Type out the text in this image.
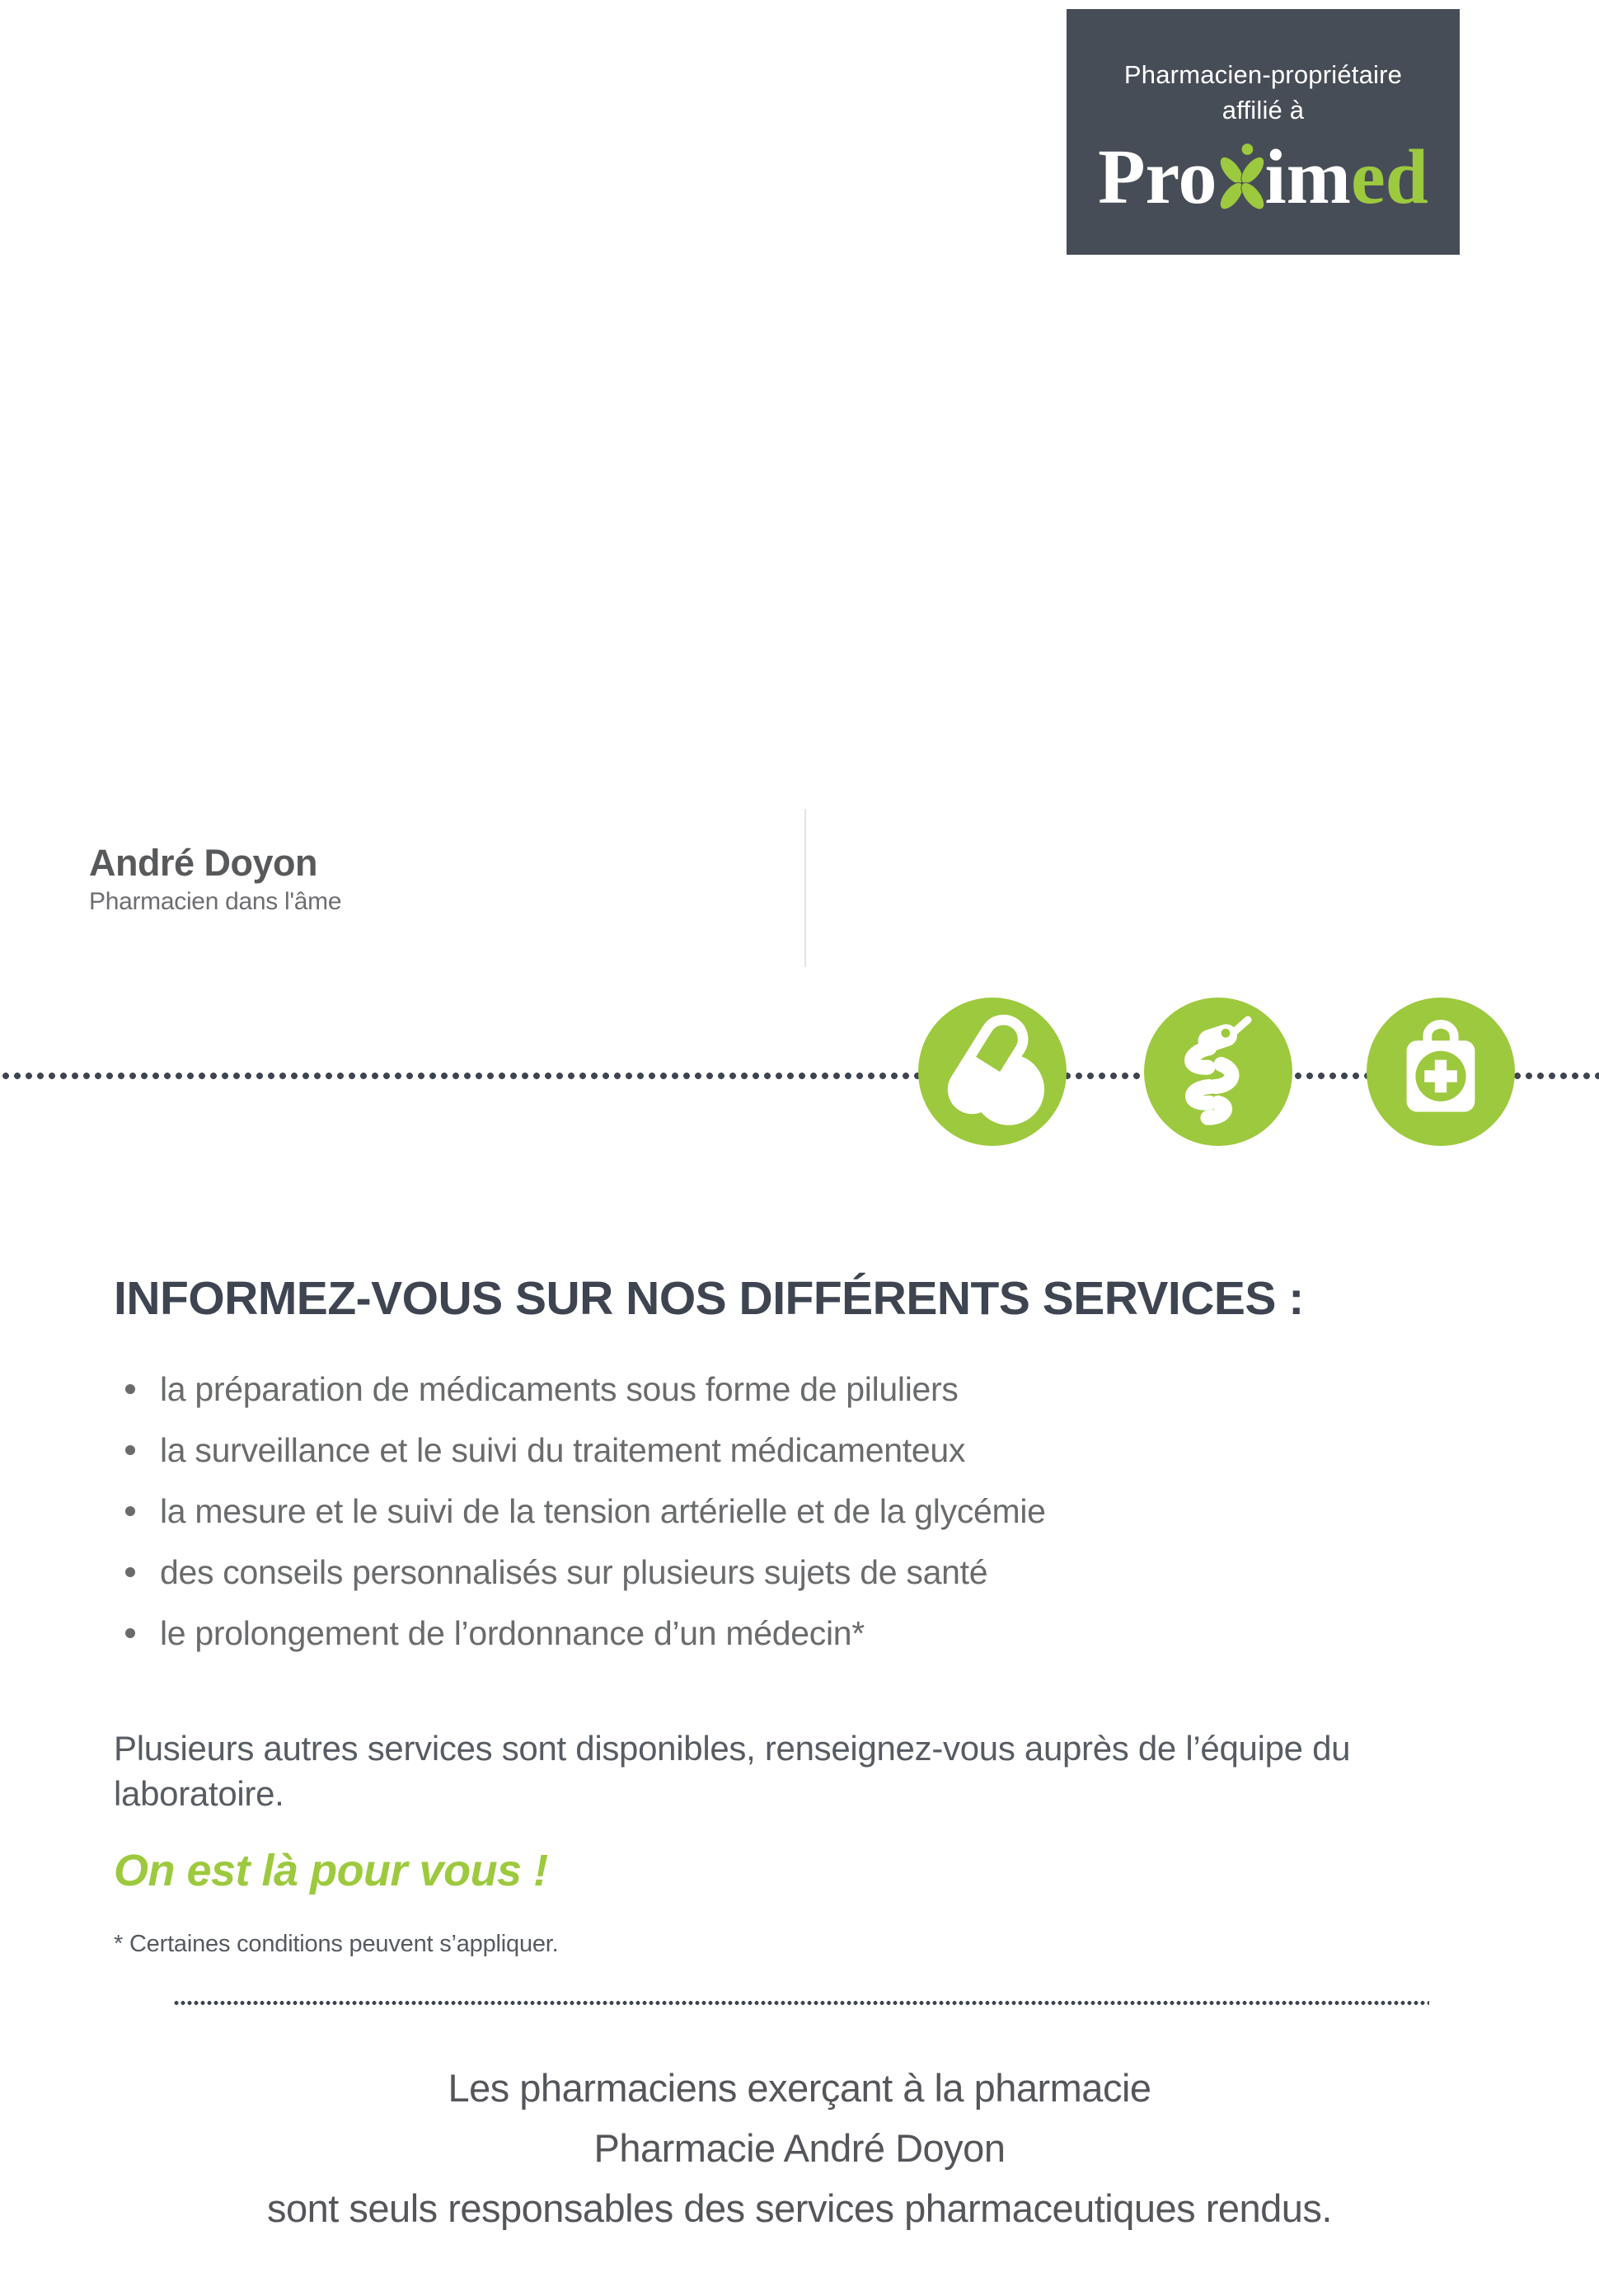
Pharmacien-propriétaire
affilié à
Pro imed
André Doyon
Pharmacien dans l'âme
INFORMEZ-VOUS SUR NOS DIFFÉRENTS SERVICES :
la préparation de médicaments sous forme de piluliers
la surveillance et le suivi du traitement médicamenteux
la mesure et le suivi de la tension artérielle et de la glycémie
des conseils personnalisés sur plusieurs sujets de santé
le prolongement de l’ordonnance d’un médecin*
Plusieurs autres services sont disponibles, renseignez-vous auprès de l’équipe du laboratoire.
On est là pour vous !
* Certaines conditions peuvent s’appliquer.
Les pharmaciens exerçant à la pharmacie
Pharmacie André Doyon
sont seuls responsables des services pharmaceutiques rendus.
